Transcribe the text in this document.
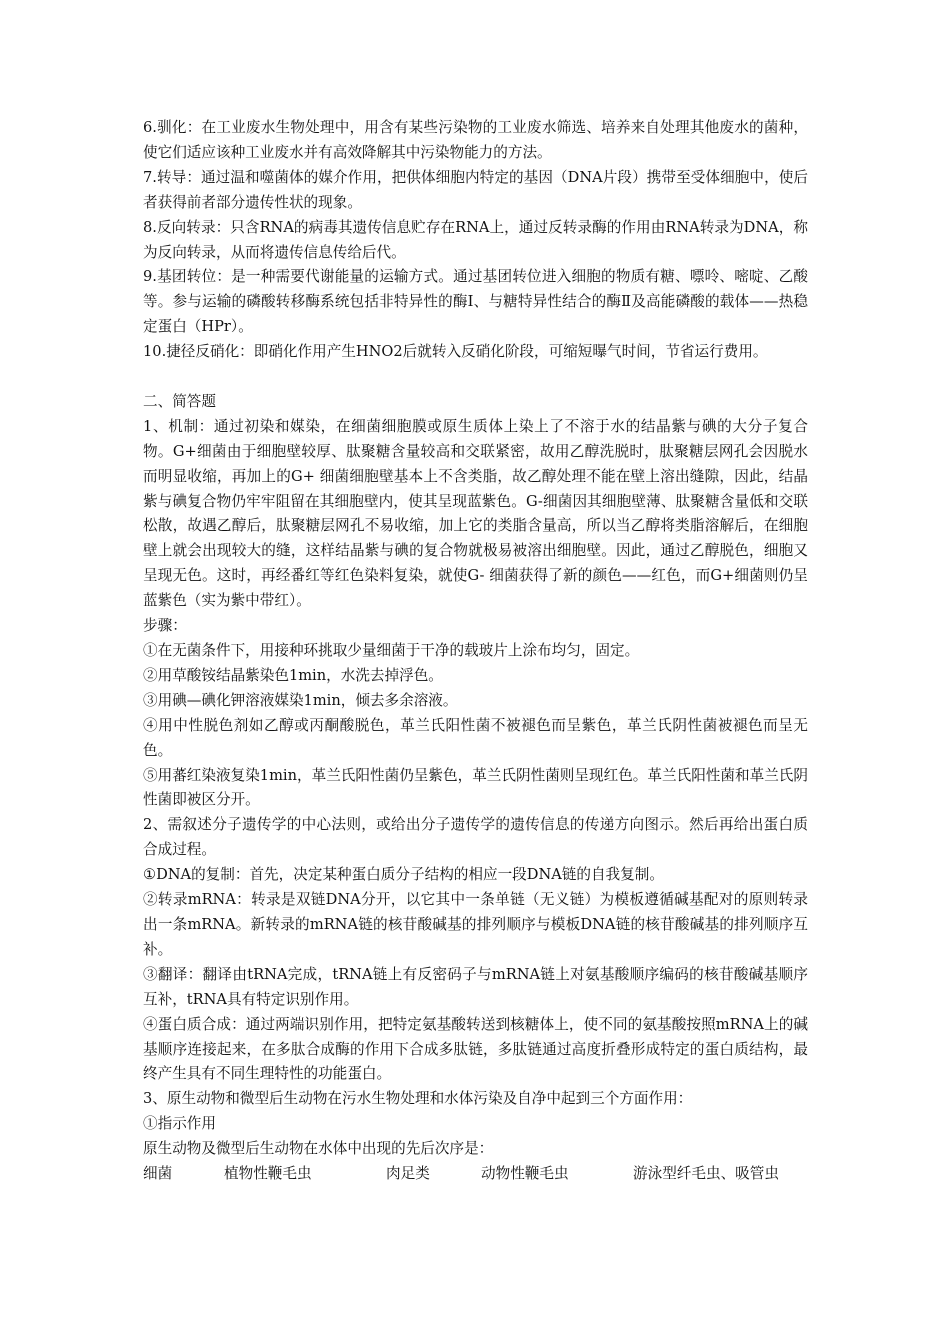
6.驯化：在工业废水生物处理中，用含有某些污染物的工业废水筛选、培养来自处理其他废水的菌种，使它们适应该种工业废水并有高效降解其中污染物能力的方法。

7.转导：通过温和噬菌体的媒介作用，把供体细胞内特定的基因（DNA片段）携带至受体细胞中，使后者获得前者部分遗传性状的现象。

8.反向转录：只含RNA的病毒其遗传信息贮存在RNA上，通过反转录酶的作用由RNA转录为DNA，称为反向转录，从而将遗传信息传给后代。

9.基团转位：是一种需要代谢能量的运输方式。通过基团转位进入细胞的物质有糖、嘌呤、嘧啶、乙酸等。参与运输的磷酸转移酶系统包括非特异性的酶Ⅰ、与糖特异性结合的酶Ⅱ及高能磷酸的载体——热稳定蛋白（HPr）。

10.捷径反硝化：即硝化作用产生HNO2后就转入反硝化阶段，可缩短曝气时间，节省运行费用。

二、简答题

1、机制：通过初染和媒染，在细菌细胞膜或原生质体上染上了不溶于水的结晶紫与碘的大分子复合物。G+细菌由于细胞壁较厚、肽聚糖含量较高和交联紧密，故用乙醇洗脱时，肽聚糖层网孔会因脱水而明显收缩，再加上的G+ 细菌细胞壁基本上不含类脂，故乙醇处理不能在壁上溶出缝隙，因此，结晶紫与碘复合物仍牢牢阻留在其细胞壁内，使其呈现蓝紫色。G-细菌因其细胞壁薄、肽聚糖含量低和交联松散，故遇乙醇后，肽聚糖层网孔不易收缩，加上它的类脂含量高，所以当乙醇将类脂溶解后，在细胞壁上就会出现较大的缝，这样结晶紫与碘的复合物就极易被溶出细胞壁。因此，通过乙醇脱色，细胞又呈现无色。这时，再经番红等红色染料复染，就使G- 细菌获得了新的颜色——红色，而G+细菌则仍呈蓝紫色（实为紫中带红）。

步骤：

①在无菌条件下，用接种环挑取少量细菌于干净的载玻片上涂布均匀，固定。

②用草酸铵结晶紫染色1min，水洗去掉浮色。

③用碘—碘化钾溶液媒染1min，倾去多余溶液。

④用中性脱色剂如乙醇或丙酮酸脱色，革兰氏阳性菌不被褪色而呈紫色，革兰氏阴性菌被褪色而呈无色。

⑤用蕃红染液复染1min，革兰氏阳性菌仍呈紫色，革兰氏阴性菌则呈现红色。革兰氏阳性菌和革兰氏阴性菌即被区分开。

2、需叙述分子遗传学的中心法则，或给出分子遗传学的遗传信息的传递方向图示。然后再给出蛋白质合成过程。

①DNA的复制：首先，决定某种蛋白质分子结构的相应一段DNA链的自我复制。

②转录mRNA：转录是双链DNA分开，以它其中一条单链（无义链）为模板遵循碱基配对的原则转录出一条mRNA。新转录的mRNA链的核苷酸碱基的排列顺序与模板DNA链的核苷酸碱基的排列顺序互补。

③翻译：翻译由tRNA完成，tRNA链上有反密码子与mRNA链上对氨基酸顺序编码的核苷酸碱基顺序互补，tRNA具有特定识别作用。

④蛋白质合成：通过两端识别作用，把特定氨基酸转送到核糖体上，使不同的氨基酸按照mRNA上的碱基顺序连接起来，在多肽合成酶的作用下合成多肽链，多肽链通过高度折叠形成特定的蛋白质结构，最终产生具有不同生理特性的功能蛋白。

3、原生动物和微型后生动物在污水生物处理和水体污染及自净中起到三个方面作用：

①指示作用

原生动物及微型后生动物在水体中出现的先后次序是：

细菌	植物性鞭毛虫	肉足类	动物性鞭毛虫	游泳型纤毛虫、吸管虫
